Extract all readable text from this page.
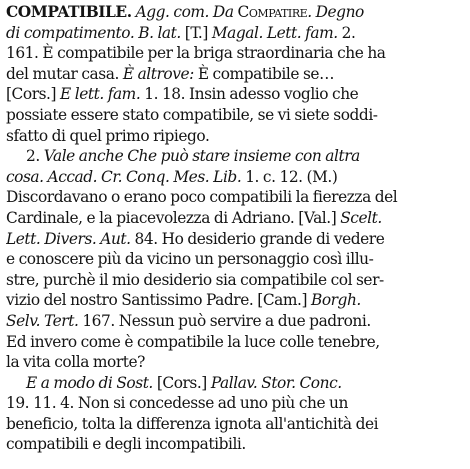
COMPATIBILE. Agg. com. Da Compatire. Degno
di compatimento. B. lat. [T.] Magal. Lett. fam. 2.
161. È compatibile per la briga straordinaria che ha
del mutar casa. È altrove: È compatibile se…
[Cors.] E lett. fam. 1. 18. Insin adesso voglio che
possiate essere stato compatibile, se vi siete soddi-
sfatto di quel primo ripiego.
2. Vale anche Che può stare insieme con altra
cosa. Accad. Cr. Conq. Mes. Lib. 1. c. 12. (M.)
Discordavano o erano poco compatibili la fierezza del
Cardinale, e la piacevolezza di Adriano. [Val.] Scelt.
Lett. Divers. Aut. 84. Ho desiderio grande di vedere
e conoscere più da vicino un personaggio così illu-
stre, purchè il mio desiderio sia compatibile col ser-
vizio del nostro Santissimo Padre. [Cam.] Borgh.
Selv. Tert. 167. Nessun può servire a due padroni.
Ed invero come è compatibile la luce colle tenebre,
la vita colla morte?
E a modo di Sost. [Cors.] Pallav. Stor. Conc.
19. 11. 4. Non si concedesse ad uno più che un
beneficio, tolta la differenza ignota all'antichità dei
compatibili e degli incompatibili.
